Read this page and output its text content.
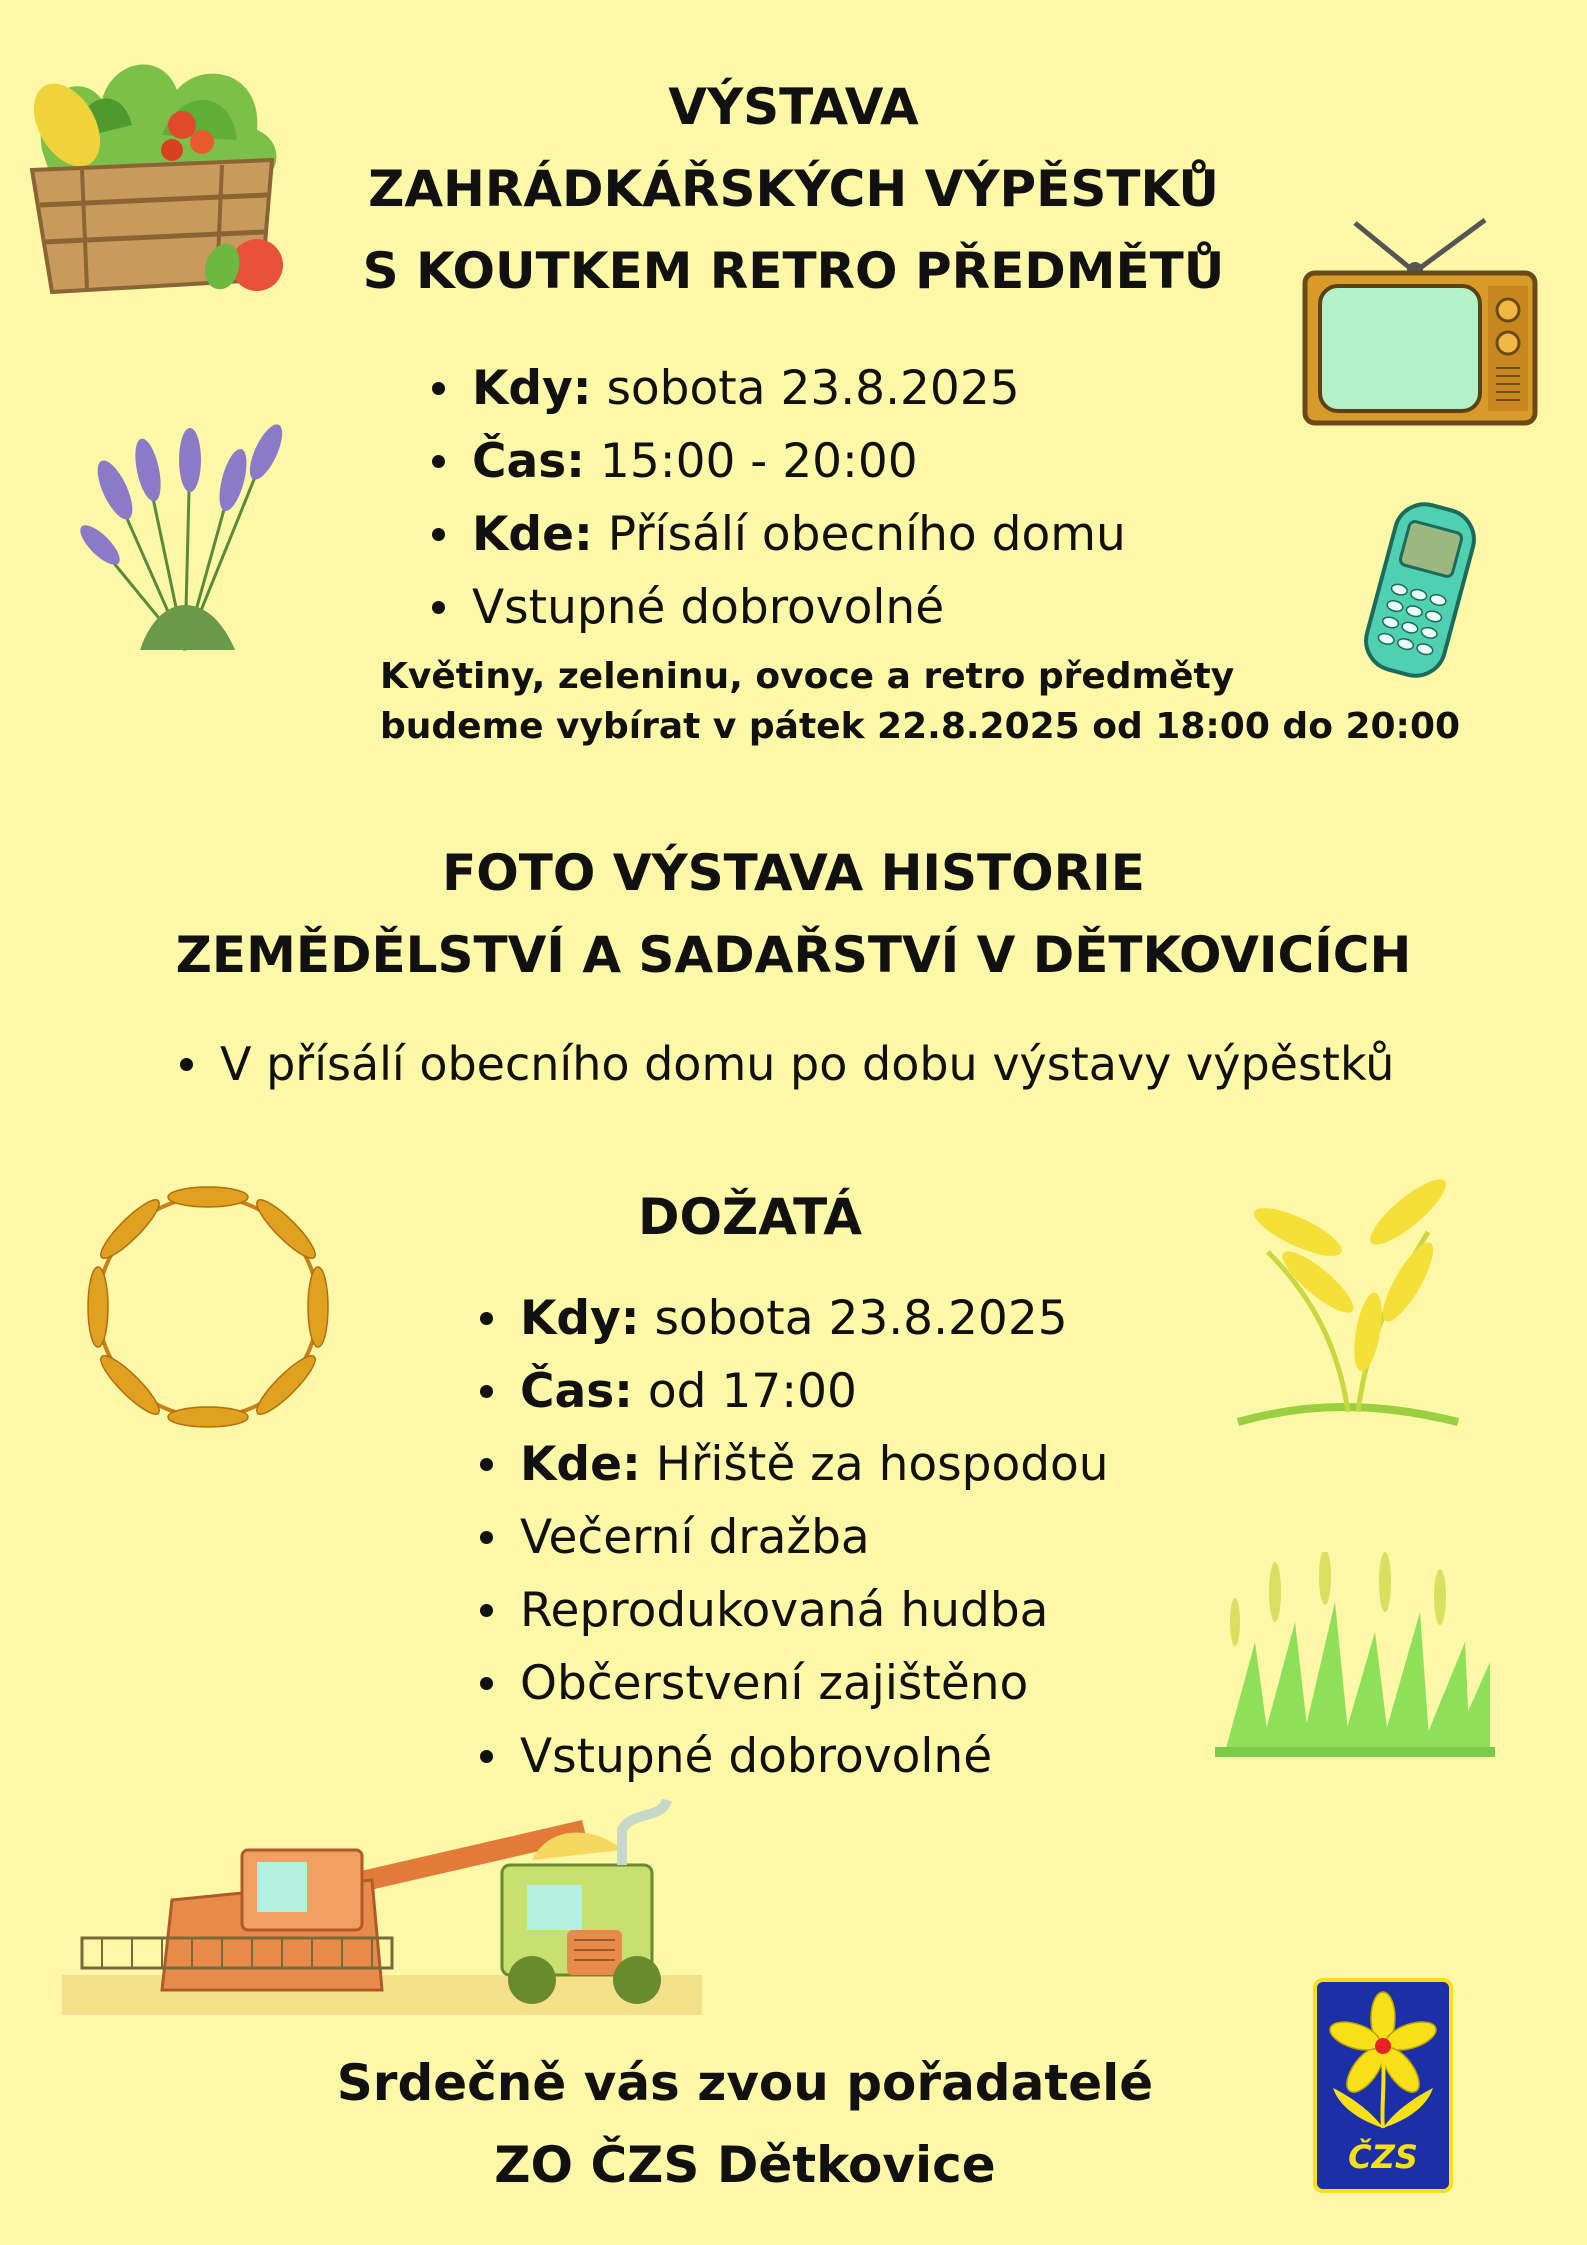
VÝSTAVA
ZAHRÁDKÁŘSKÝCH VÝPĚSTKŮ
S KOUTKEM RETRO PŘEDMĚTŮ
Kdy: sobota 23.8.2025
Čas: 15:00 - 20:00
Kde: Přísálí obecního domu
Vstupné dobrovolné

Květiny, zeleninu, ovoce a retro předměty
budeme vybírat v pátek 22.8.2025 od 18:00 do 20:00

FOTO VÝSTAVA HISTORIE
ZEMĚDĚLSTVÍ A SADAŘSTVÍ V DĚTKOVICÍCH
V přísálí obecního domu po dobu výstavy výpěstků
DOŽATÁ
Kdy: sobota 23.8.2025
Čas: od 17:00
Kde: Hřiště za hospodou
Večerní dražba
Reprodukovaná hudba
Občerstvení zajištěno
Vstupné dobrovolné

Srdečně vás zvou pořadatelé
ZO ČZS Dětkovice	ČZS
